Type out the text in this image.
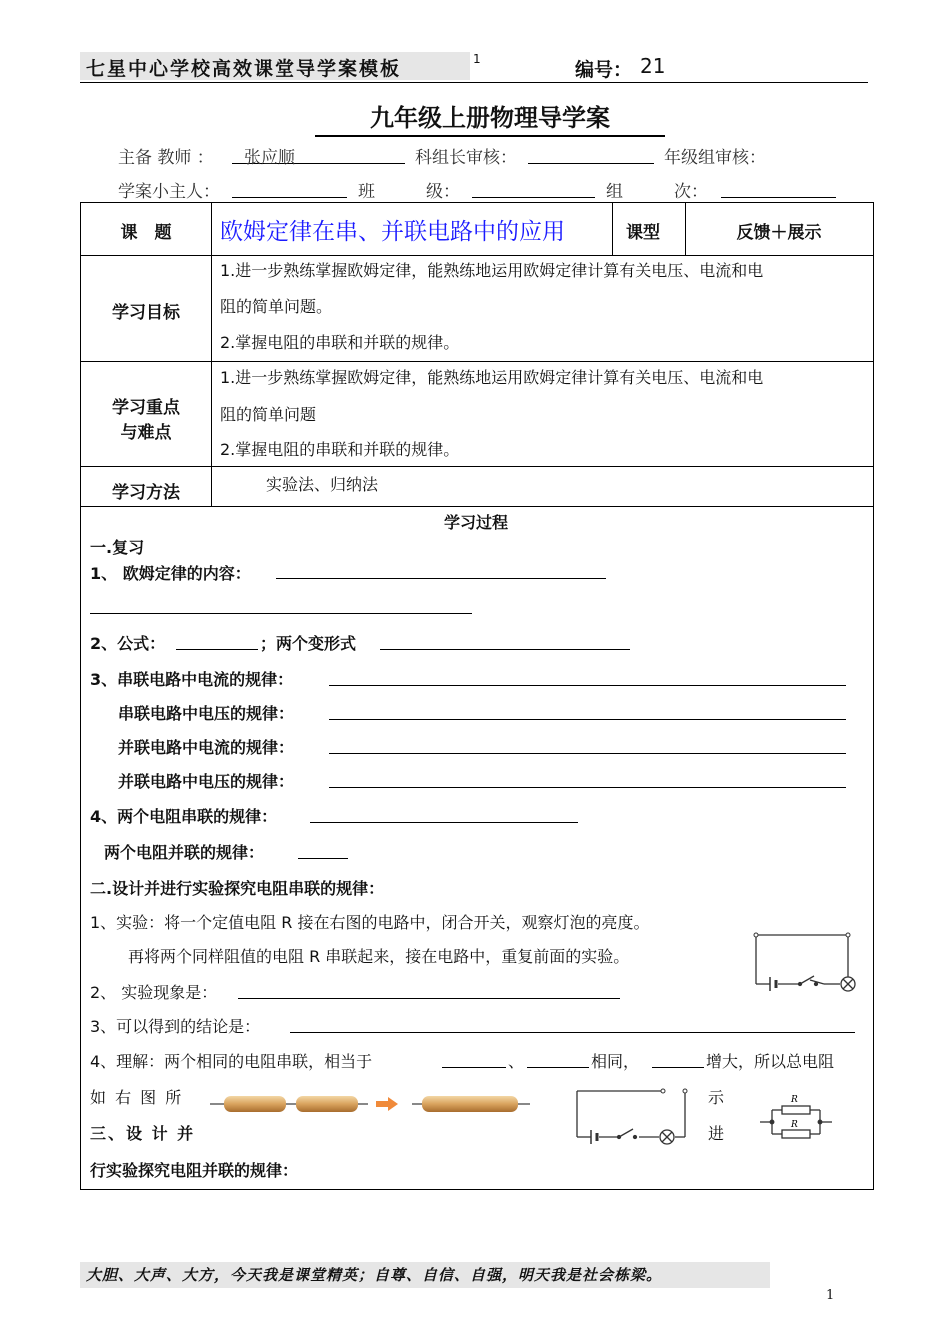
七星中心学校高效课堂导学案模板	1	编号： 21
九年级上册物理导学案
主备 教师 ：	张应顺	科组长审核：	年级组审核：
学案小主人：	班　　　级：	组　　　次：
课　题	欧姆定律在串、并联电路中的应用	课型	反馈＋展示
学习目标
1.进一步熟练掌握欧姆定律，能熟练地运用欧姆定律计算有关电压、电流和电
阻的简单问题。
2.掌握电阻的串联和并联的规律。
学习重点
与难点
1.进一步熟练掌握欧姆定律，能熟练地运用欧姆定律计算有关电压、电流和电
阻的简单问题
2.掌握电阻的串联和并联的规律。
学习方法	实验法、归纳法
学习过程
一.复习
1、 欧姆定律的内容：
2、公式：	；两个变形式
3、串联电路中电流的规律：
串联电路中电压的规律：
并联电路中电流的规律：
并联电路中电压的规律：
4、两个电阻串联的规律：
两个电阻并联的规律：
二.设计并进行实验探究电阻串联的规律：
1、实验：将一个定值电阻 R 接在右图的电路中，闭合开关，观察灯泡的亮度。
再将两个同样阻值的电阻 R 串联起来，接在电路中，重复前面的实验。
2、 实验现象是：
3、可以得到的结论是：
4、理解：两个相同的电阻串联，相当于	、	相同，	增大，所以总电阻
如 右 图 所	示	R
R
三、设 计 并	进
行实验探究电阻并联的规律：
大胆、大声、大方，今天我是课堂精英；自尊、自信、自强，明天我是社会栋梁。
1
